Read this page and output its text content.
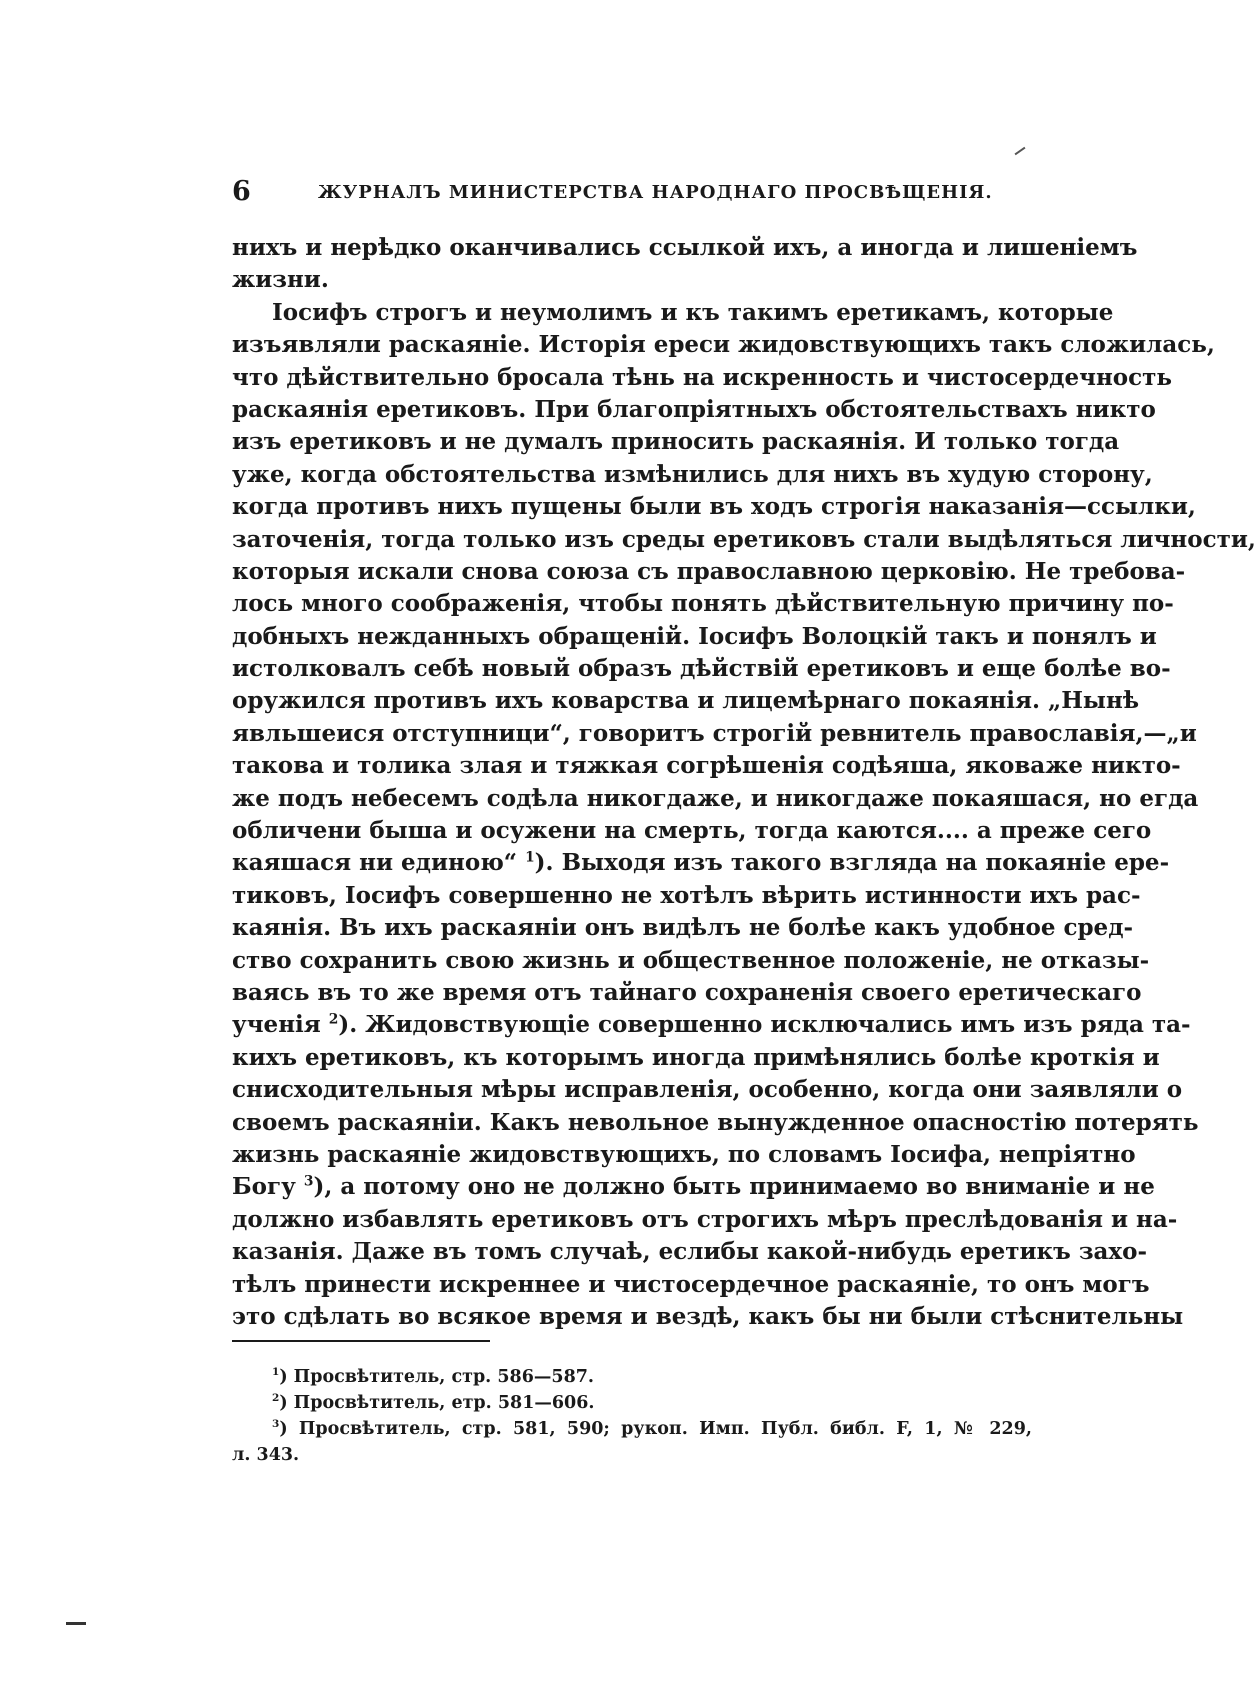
6	ЖУРНАЛЪ МИНИСТЕРСТВА НАРОДНАГО ПРОСВѢЩЕНІЯ.
нихъ и нерѣдко оканчивались ссылкой ихъ, а иногда и лишеніемъ
жизни.
Іосифъ строгъ и неумолимъ и къ такимъ еретикамъ, которые
изъявляли раскаяніе. Исторія ереси жидовствующихъ такъ сложилась,
что дѣйствительно бросала тѣнь на искренность и чистосердечность
раскаянія еретиковъ. При благопріятныхъ обстоятельствахъ никто
изъ еретиковъ и не думалъ приносить раскаянія. И только тогда
уже, когда обстоятельства измѣнились для нихъ въ худую сторону,
когда противъ нихъ пущены были въ ходъ строгія наказанія—ссылки,
заточенія, тогда только изъ среды еретиковъ стали выдѣляться личности,
которыя искали снова союза съ православною церковію. Не требова-
лось много соображенія, чтобы понять дѣйствительную причину по-
добныхъ нежданныхъ обращеній. Іосифъ Волоцкій такъ и понялъ и
истолковалъ себѣ новый образъ дѣйствій еретиковъ и еще болѣе во-
оружился противъ ихъ коварства и лицемѣрнаго покаянія. „Нынѣ
явльшеися отступници“, говоритъ строгій ревнитель православія,—„и
такова и толика злая и тяжкая согрѣшенія содѣяша, яковаже никто-
же подъ небесемъ содѣла никогдаже, и никогдаже покаяшася, но егда
обличени быша и осужени на смерть, тогда каются.... а преже сего
каяшася ни единою“ $^1$). Выходя изъ такого взгляда на покаяніе ере-
тиковъ, Іосифъ совершенно не хотѣлъ вѣрить истинности ихъ рас-
каянія. Въ ихъ раскаяніи онъ видѣлъ не болѣе какъ удобное сред-
ство сохранить свою жизнь и общественное положеніе, не отказы-
ваясь въ то же время отъ тайнаго сохраненія своего еретическаго
ученія $^2$). Жидовствующіе совершенно исключались имъ изъ ряда та-
кихъ еретиковъ, къ которымъ иногда примѣнялись болѣе кроткія и
снисходительныя мѣры исправленія, особенно, когда они заявляли о
своемъ раскаяніи. Какъ невольное вынужденное опасностію потерять
жизнь раскаяніе жидовствующихъ, по словамъ Іосифа, непріятно
Богу $^3$), а потому оно не должно быть принимаемо во вниманіе и не
должно избавлять еретиковъ отъ строгихъ мѣръ преслѣдованія и на-
казанія. Даже въ томъ случаѣ, еслибы какой-нибудь еретикъ захо-
тѣлъ принести искреннее и чистосердечное раскаяніе, то онъ могъ
это сдѣлать во всякое время и вездѣ, какъ бы ни были стѣснительны
$^1$) Просвѣтитель, стр. 586—587.
$^2$) Просвѣтитель, етр. 581—606.
$^3$) Просвѣтитель, стр. 581, 590; рукоп. Имп. Публ. библ. F, 1, № 229,
л. 343.
